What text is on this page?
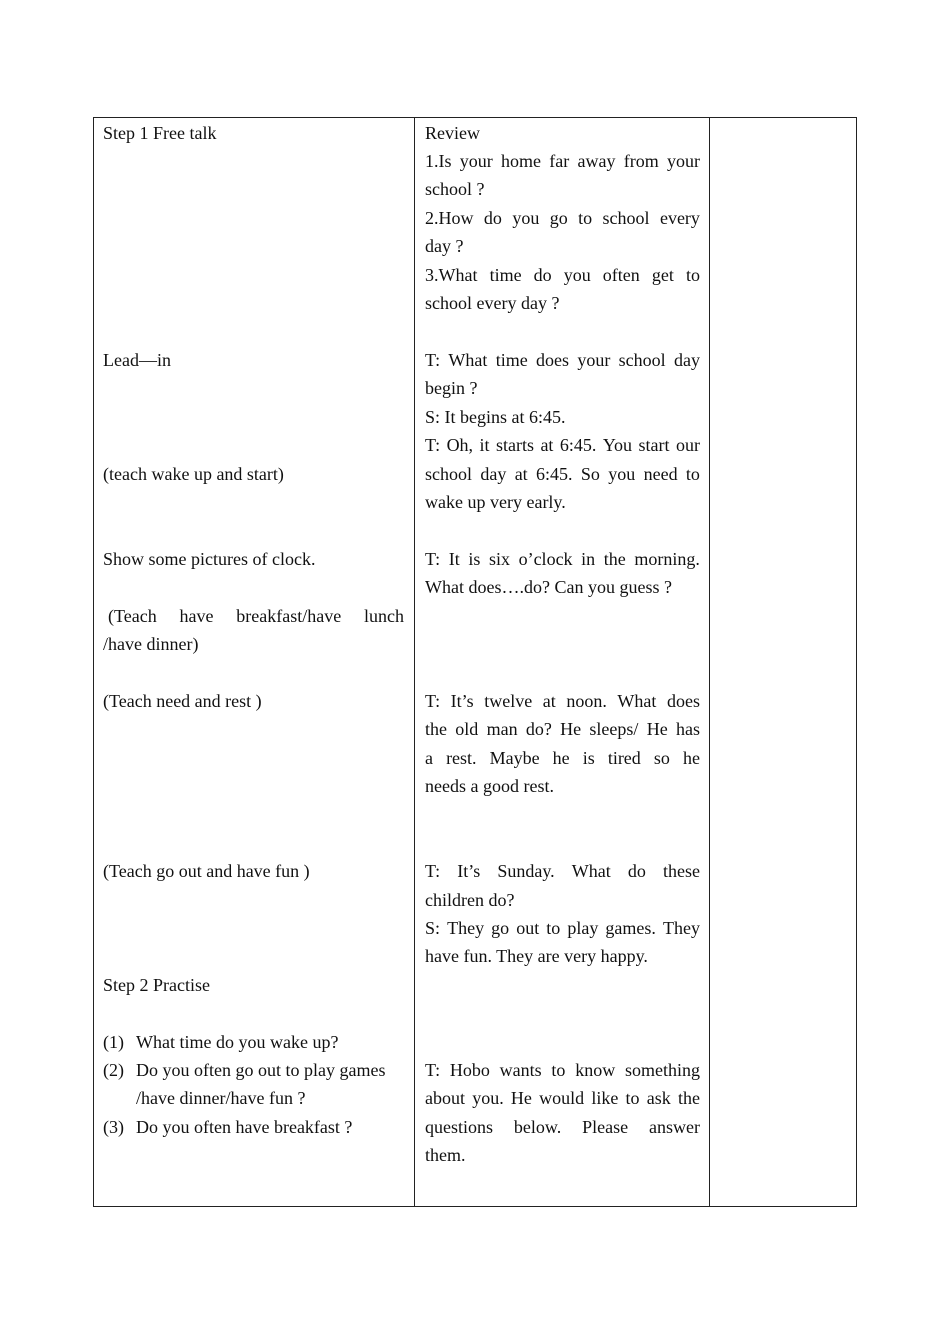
Step 1 Free talk
Lead—in
(teach wake up and start)
Show some pictures of clock.
(Teach have breakfast/have lunch
/have dinner)
(Teach need and rest )
(Teach go out and have fun )
Step 2 Practise
(1) What time do you wake up?
(2) Do you often go out to play games
/have dinner/have fun ?
(3) Do you often have breakfast ?
Review
1.Is your home far away from your
school ?
2.How do you go to school every
day ?
3.What time do you often get to
school every day ?
T: What time does your school day
begin ?
S: It begins at 6:45.
T: Oh, it starts at 6:45. You start our
school day at 6:45. So you need to
wake up very early.
T: It is six o’clock in the morning.
What does….do? Can you guess ?
T: It’s twelve at noon. What does
the old man do? He sleeps/ He has
a rest. Maybe he is tired so he
needs a good rest.
T: It’s Sunday. What do these
children do?
S: They go out to play games. They
have fun. They are very happy.
T: Hobo wants to know something
about you. He would like to ask the
questions below. Please answer
them.
